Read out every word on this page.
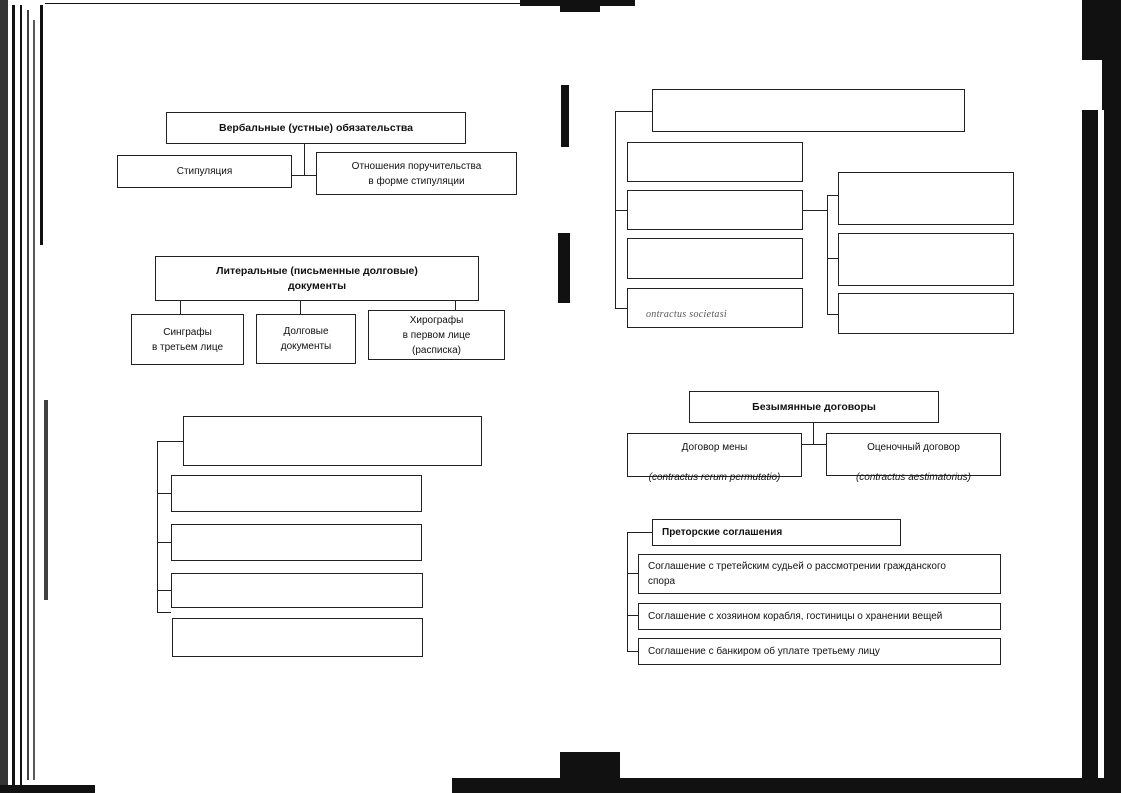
Вербальные (устные) обязательства
Стипуляция	Отношения поручительства
в форме стипуляции
Литеральные (письменные долговые)
документы
Синграфы
в третьем лице
Долговые
документы
Хирографы
в первом лице
(расписка)
ontractus societasi
Безымянные договоры

Договор мены

(contractus rerum permutatio)

Оценочный договор

(contractus aestimatorius)

Преторские соглашения
Соглашение с третейским судьей о рассмотрении гражданского
спора
Соглашение с хозяином корабля, гостиницы о хранении вещей
Соглашение с банкиром об уплате третьему лицу
